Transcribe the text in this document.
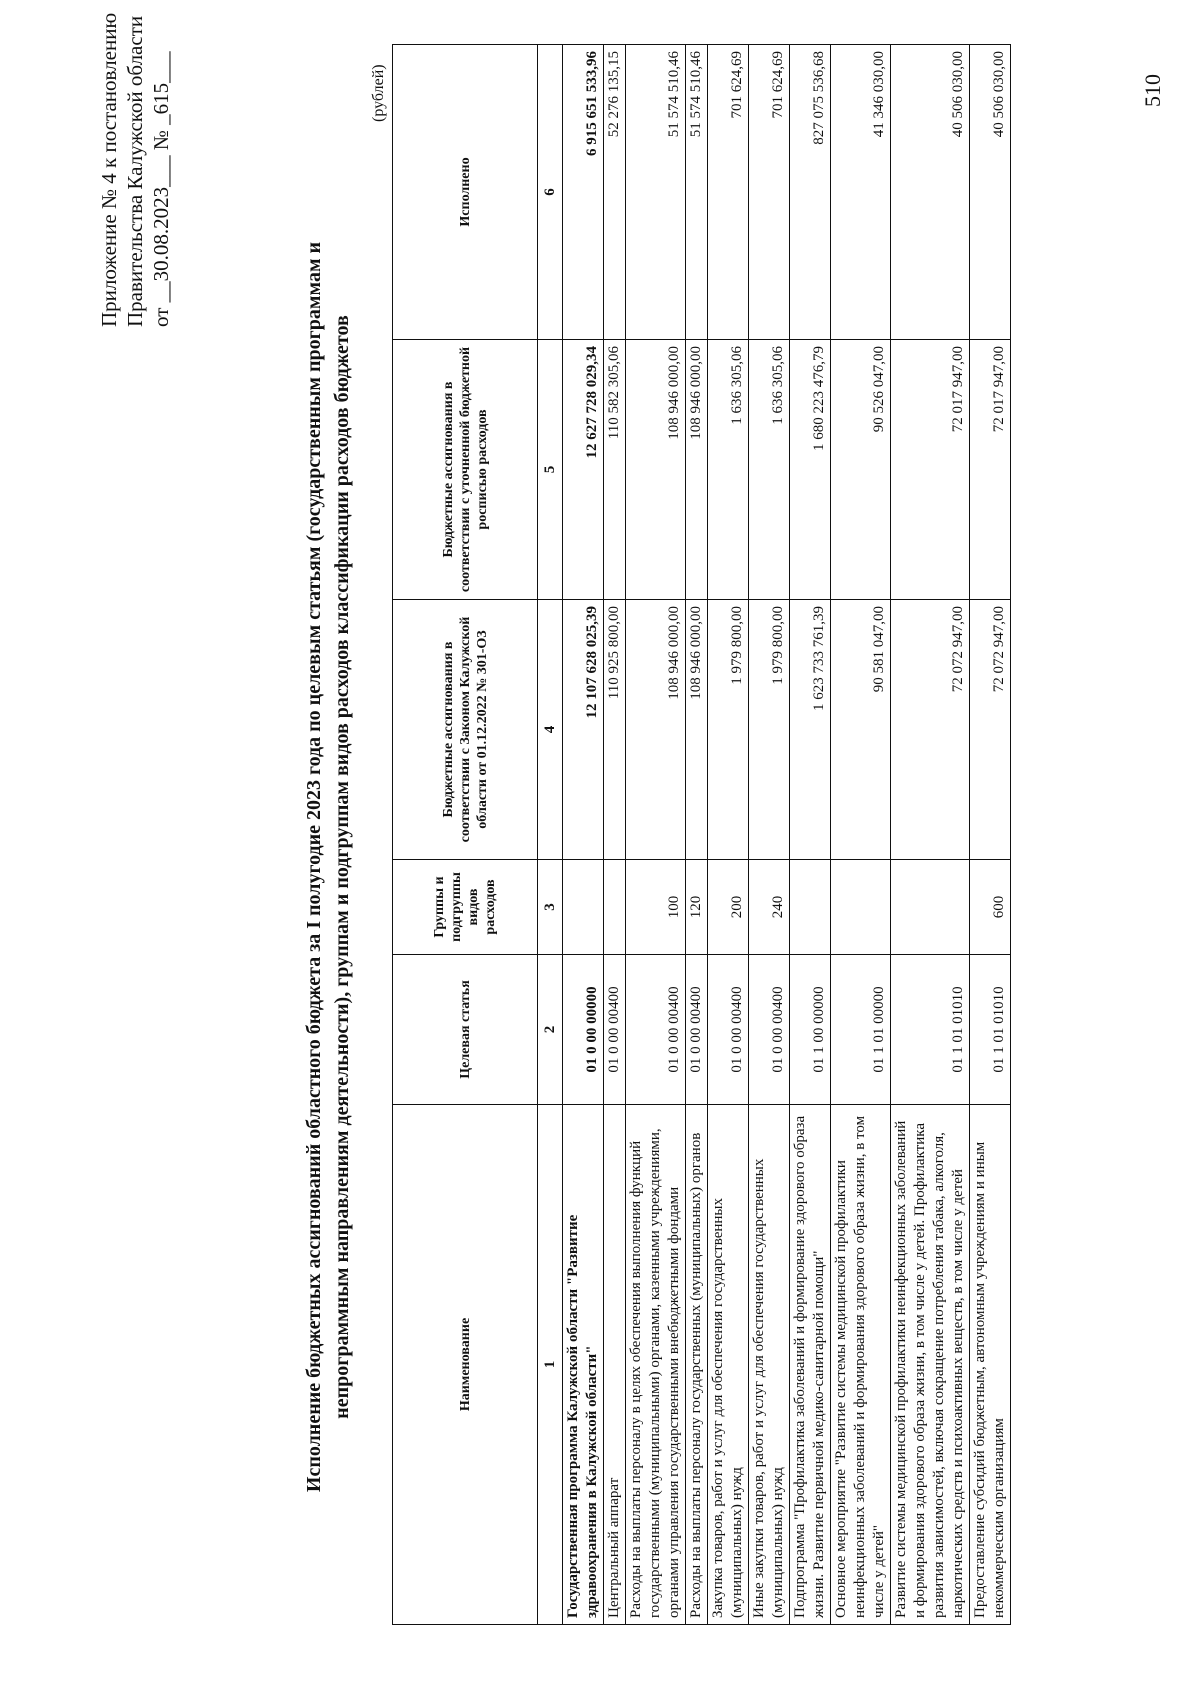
Приложение № 4 к постановлению Правительства Калужской области от __30.08.2023___ № _615___
Исполнение бюджетных ассигнований областного бюджета за I полугодие 2023 года по целевым статьям (государственным программам и непрограммным направлениям деятельности), группам и подгруппам видов расходов классификации расходов бюджетов
(рублей)
Наименование	Целевая статья	Группы и подгруппы видов расходов	Бюджетные ассигнования в соответствии с Законом Калужской области от 01.12.2022 № 301-ОЗ	Бюджетные ассигнования в соответствии с уточненной бюджетной росписью расходов	Исполнено
1	2	3	4	5	6
Государственная программа Калужской области "Развитие здравоохранения в Калужской области"	01 0 00 00000		12 107 628 025,39	12 627 728 029,34	6 915 651 533,96
Центральный аппарат	01 0 00 00400		110 925 800,00	110 582 305,06	52 276 135,15
Расходы на выплаты персоналу в целях обеспечения выполнения функций государственными (муниципальными) органами, казенными учреждениями, органами управления государственными внебюджетными фондами	01 0 00 00400	100	108 946 000,00	108 946 000,00	51 574 510,46
Расходы на выплаты персоналу государственных (муниципальных) органов	01 0 00 00400	120	108 946 000,00	108 946 000,00	51 574 510,46
Закупка товаров, работ и услуг для обеспечения государственных (муниципальных) нужд	01 0 00 00400	200	1 979 800,00	1 636 305,06	701 624,69
Иные закупки товаров, работ и услуг для обеспечения государственных (муниципальных) нужд	01 0 00 00400	240	1 979 800,00	1 636 305,06	701 624,69
Подпрограмма "Профилактика заболеваний и формирование здорового образа жизни. Развитие первичной медико-санитарной помощи"	01 1 00 00000		1 623 733 761,39	1 680 223 476,79	827 075 536,68
Основное мероприятие "Развитие системы медицинской профилактики неинфекционных заболеваний и формирования здорового образа жизни, в том числе у детей"	01 1 01 00000		90 581 047,00	90 526 047,00	41 346 030,00
Развитие системы медицинской профилактики неинфекционных заболеваний и формирования здорового образа жизни, в том числе у детей. Профилактика развития зависимостей, включая сокращение потребления табака, алкоголя, наркотических средств и психоактивных веществ, в том числе у детей	01 1 01 01010		72 072 947,00	72 017 947,00	40 506 030,00
Предоставление субсидий бюджетным, автономным учреждениям и иным некоммерческим организациям	01 1 01 01010	600	72 072 947,00	72 017 947,00	40 506 030,00	510
